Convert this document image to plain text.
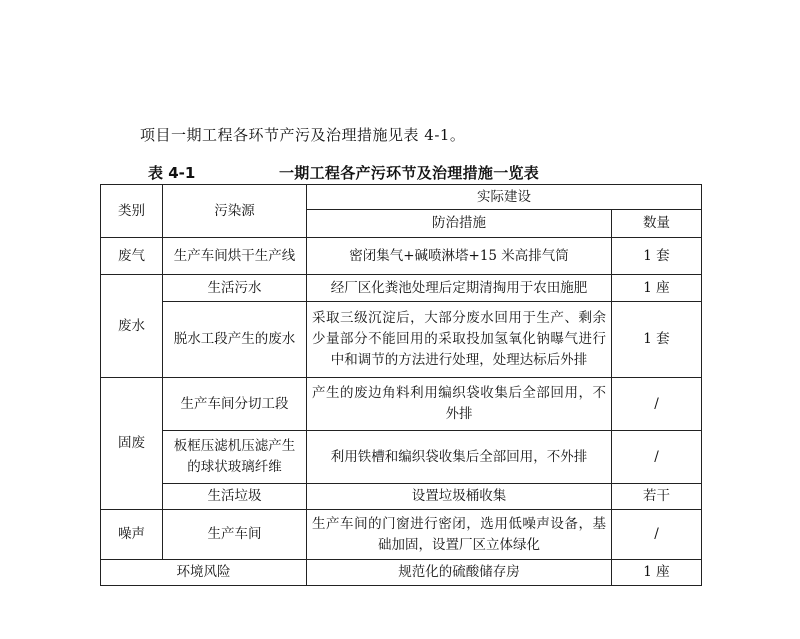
项目一期工程各环节产污及治理措施见表 4-1。
表 4-1	一期工程各产污环节及治理措施一览表
类别	污染源	实际建设	
		防治措施	数量
废气	生产车间烘干生产线	密闭集气+碱喷淋塔+15 米高排气筒	1 套
废水	生活污水	经厂区化粪池处理后定期清掏用于农田施肥	1 座
	脱水工段产生的废水	采取三级沉淀后，大部分废水回用于生产、剩余少量部分不能回用的采取投加氢氧化钠曝气进行中和调节的方法进行处理，处理达标后外排	1 套
固废	生产车间分切工段	产生的废边角料利用编织袋收集后全部回用，不外排	/
	板框压滤机压滤产生的球状玻璃纤维	利用铁槽和编织袋收集后全部回用，不外排	/
	生活垃圾	设置垃圾桶收集	若干
噪声	生产车间	生产车间的门窗进行密闭，选用低噪声设备，基础加固，设置厂区立体绿化	/
环境风险		规范化的硫酸储存房	1 座
